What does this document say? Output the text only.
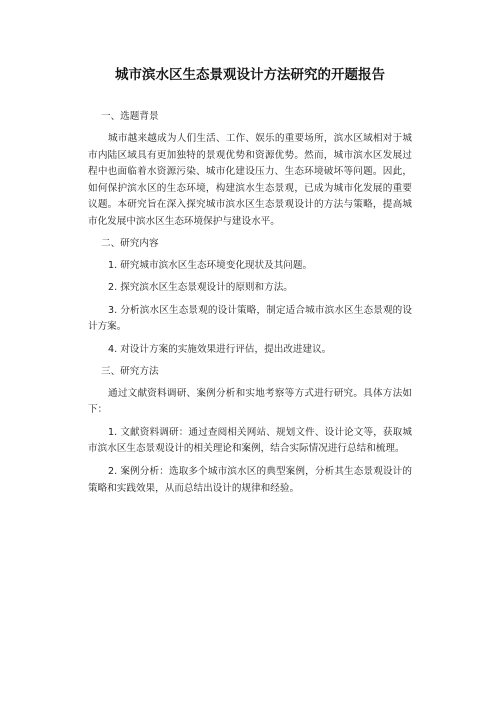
城市滨水区生态景观设计方法研究的开题报告
一、选题背景

城市越来越成为人们生活、工作、娱乐的重要场所，滨水区域相对于城市内陆区域具有更加独特的景观优势和资源优势。然而，城市滨水区发展过程中也面临着水资源污染、城市化建设压力、生态环境破坏等问题。因此，如何保护滨水区的生态环境，构建滨水生态景观，已成为城市化发展的重要议题。本研究旨在深入探究城市滨水区生态景观设计的方法与策略，提高城市化发展中滨水区生态环境保护与建设水平。

二、研究内容

1. 研究城市滨水区生态环境变化现状及其问题。

2. 探究滨水区生态景观设计的原则和方法。

3. 分析滨水区生态景观的设计策略，制定适合城市滨水区生态景观的设计方案。

4. 对设计方案的实施效果进行评估，提出改进建议。

三、研究方法

通过文献资料调研、案例分析和实地考察等方式进行研究。具体方法如下：

1. 文献资料调研：通过查阅相关网站、规划文件、设计论文等，获取城市滨水区生态景观设计的相关理论和案例，结合实际情况进行总结和梳理。

2. 案例分析：选取多个城市滨水区的典型案例，分析其生态景观设计的策略和实践效果，从而总结出设计的规律和经验。
